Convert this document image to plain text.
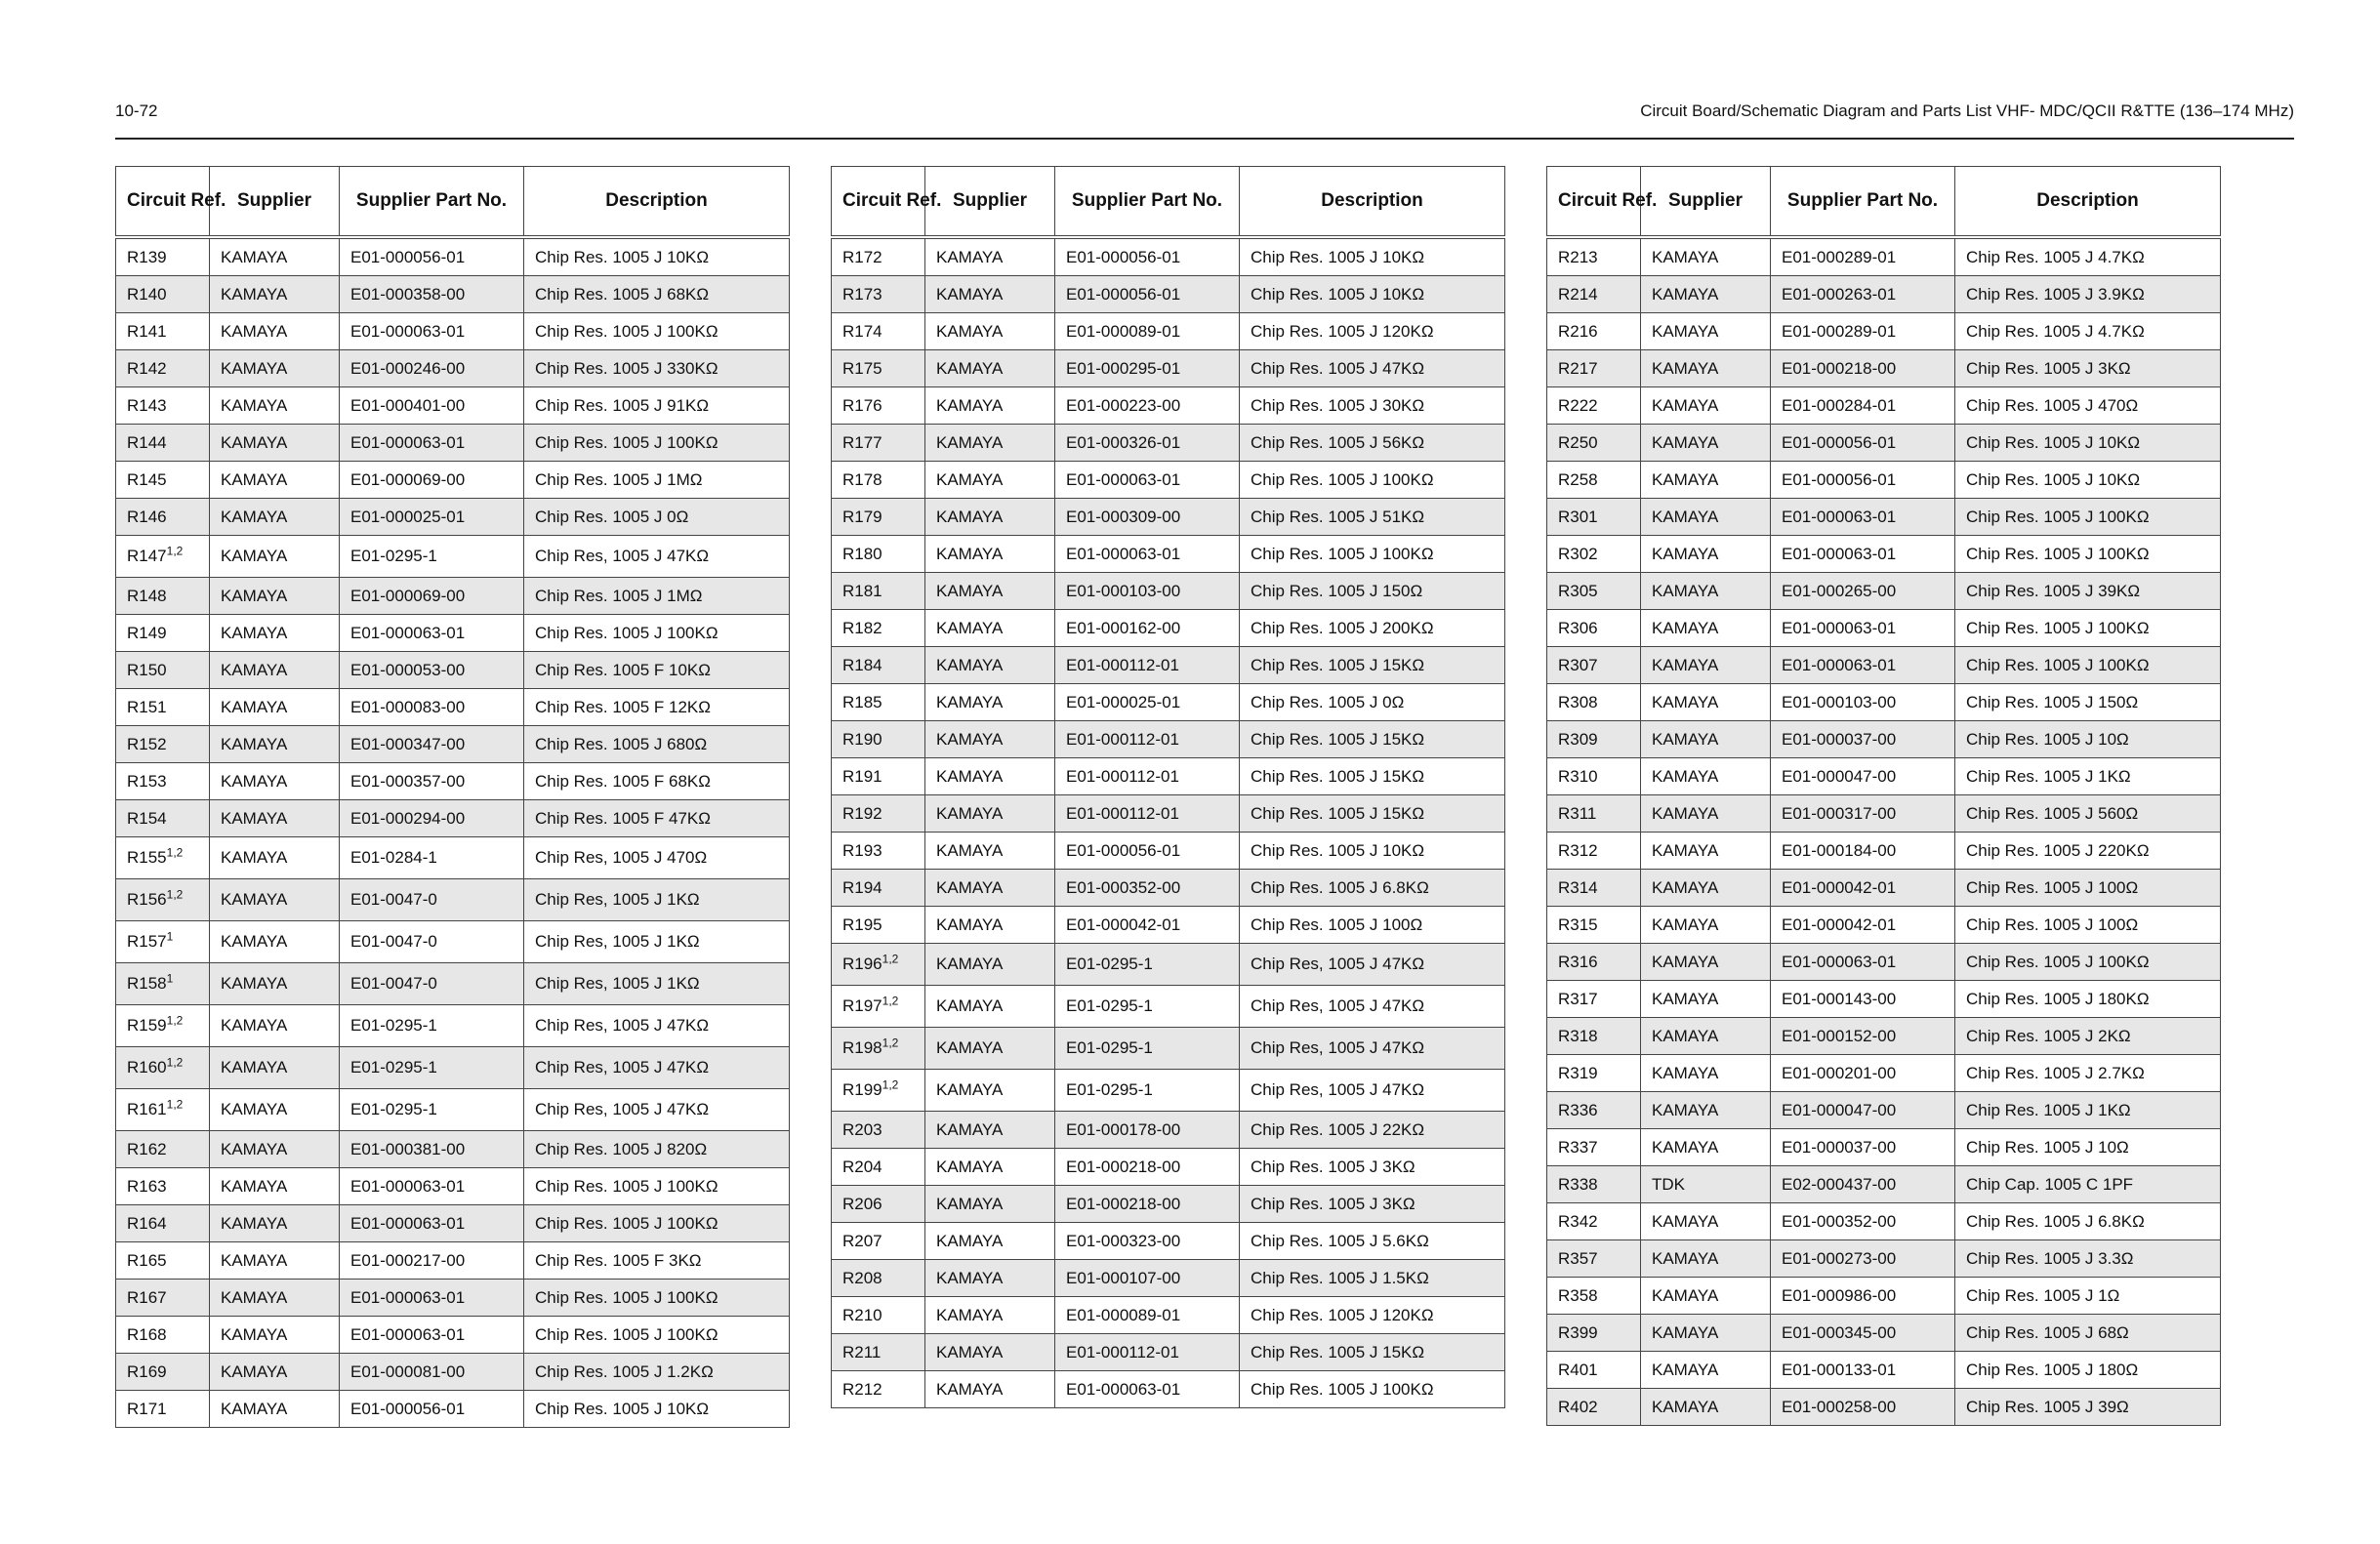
10-72	Circuit Board/Schematic Diagram and Parts List VHF- MDC/QCII R&TTE (136–174 MHz)
Circuit Ref.	Supplier	Supplier Part No.	Description
R139	KAMAYA	E01-000056-01	Chip Res. 1005 J 10KΩ
R140	KAMAYA	E01-000358-00	Chip Res. 1005 J 68KΩ
R141	KAMAYA	E01-000063-01	Chip Res. 1005 J 100KΩ
R142	KAMAYA	E01-000246-00	Chip Res. 1005 J 330KΩ
R143	KAMAYA	E01-000401-00	Chip Res. 1005 J 91KΩ
R144	KAMAYA	E01-000063-01	Chip Res. 1005 J 100KΩ
R145	KAMAYA	E01-000069-00	Chip Res. 1005 J 1MΩ
R146	KAMAYA	E01-000025-01	Chip Res. 1005 J 0Ω
R147$^{1,2}$	KAMAYA	E01-0295-1	Chip Res, 1005 J 47KΩ
R148	KAMAYA	E01-000069-00	Chip Res. 1005 J 1MΩ
R149	KAMAYA	E01-000063-01	Chip Res. 1005 J 100KΩ
R150	KAMAYA	E01-000053-00	Chip Res. 1005 F 10KΩ
R151	KAMAYA	E01-000083-00	Chip Res. 1005 F 12KΩ
R152	KAMAYA	E01-000347-00	Chip Res. 1005 J 680Ω
R153	KAMAYA	E01-000357-00	Chip Res. 1005 F 68KΩ
R154	KAMAYA	E01-000294-00	Chip Res. 1005 F 47KΩ
R155$^{1,2}$	KAMAYA	E01-0284-1	Chip Res, 1005 J 470Ω
R156$^{1,2}$	KAMAYA	E01-0047-0	Chip Res, 1005 J 1KΩ
$R157^1$	KAMAYA	E01-0047-0	Chip Res, 1005 J 1KΩ
$R158^1$	KAMAYA	E01-0047-0	Chip Res, 1005 J 1KΩ
R159$^{1,2}$	KAMAYA	E01-0295-1	Chip Res, 1005 J 47KΩ
R160$^{1,2}$	KAMAYA	E01-0295-1	Chip Res, 1005 J 47KΩ
R161$^{1,2}$	KAMAYA	E01-0295-1	Chip Res, 1005 J 47KΩ
R162	KAMAYA	E01-000381-00	Chip Res. 1005 J 820Ω
R163	KAMAYA	E01-000063-01	Chip Res. 1005 J 100KΩ
R164	KAMAYA	E01-000063-01	Chip Res. 1005 J 100KΩ
R165	KAMAYA	E01-000217-00	Chip Res. 1005 F 3KΩ
R167	KAMAYA	E01-000063-01	Chip Res. 1005 J 100KΩ
R168	KAMAYA	E01-000063-01	Chip Res. 1005 J 100KΩ
R169	KAMAYA	E01-000081-00	Chip Res. 1005 J 1.2KΩ
R171	KAMAYA	E01-000056-01	Chip Res. 1005 J 10KΩ
Circuit Ref.	Supplier	Supplier Part No.	Description
R172	KAMAYA	E01-000056-01	Chip Res. 1005 J 10KΩ
R173	KAMAYA	E01-000056-01	Chip Res. 1005 J 10KΩ
R174	KAMAYA	E01-000089-01	Chip Res. 1005 J 120KΩ
R175	KAMAYA	E01-000295-01	Chip Res. 1005 J 47KΩ
R176	KAMAYA	E01-000223-00	Chip Res. 1005 J 30KΩ
R177	KAMAYA	E01-000326-01	Chip Res. 1005 J 56KΩ
R178	KAMAYA	E01-000063-01	Chip Res. 1005 J 100KΩ
R179	KAMAYA	E01-000309-00	Chip Res. 1005 J 51KΩ
R180	KAMAYA	E01-000063-01	Chip Res. 1005 J 100KΩ
R181	KAMAYA	E01-000103-00	Chip Res. 1005 J 150Ω
R182	KAMAYA	E01-000162-00	Chip Res. 1005 J 200KΩ
R184	KAMAYA	E01-000112-01	Chip Res. 1005 J 15KΩ
R185	KAMAYA	E01-000025-01	Chip Res. 1005 J 0Ω
R190	KAMAYA	E01-000112-01	Chip Res. 1005 J 15KΩ
R191	KAMAYA	E01-000112-01	Chip Res. 1005 J 15KΩ
R192	KAMAYA	E01-000112-01	Chip Res. 1005 J 15KΩ
R193	KAMAYA	E01-000056-01	Chip Res. 1005 J 10KΩ
R194	KAMAYA	E01-000352-00	Chip Res. 1005 J 6.8KΩ
R195	KAMAYA	E01-000042-01	Chip Res. 1005 J 100Ω
R196$^{1,2}$	KAMAYA	E01-0295-1	Chip Res, 1005 J 47KΩ
R197$^{1,2}$	KAMAYA	E01-0295-1	Chip Res, 1005 J 47KΩ
R198$^{1,2}$	KAMAYA	E01-0295-1	Chip Res, 1005 J 47KΩ
R199$^{1,2}$	KAMAYA	E01-0295-1	Chip Res, 1005 J 47KΩ
R203	KAMAYA	E01-000178-00	Chip Res. 1005 J 22KΩ
R204	KAMAYA	E01-000218-00	Chip Res. 1005 J 3KΩ
R206	KAMAYA	E01-000218-00	Chip Res. 1005 J 3KΩ
R207	KAMAYA	E01-000323-00	Chip Res. 1005 J 5.6KΩ
R208	KAMAYA	E01-000107-00	Chip Res. 1005 J 1.5KΩ
R210	KAMAYA	E01-000089-01	Chip Res. 1005 J 120KΩ
R211	KAMAYA	E01-000112-01	Chip Res. 1005 J 15KΩ
R212	KAMAYA	E01-000063-01	Chip Res. 1005 J 100KΩ
Circuit Ref.	Supplier	Supplier Part No.	Description
R213	KAMAYA	E01-000289-01	Chip Res. 1005 J 4.7KΩ
R214	KAMAYA	E01-000263-01	Chip Res. 1005 J 3.9KΩ
R216	KAMAYA	E01-000289-01	Chip Res. 1005 J 4.7KΩ
R217	KAMAYA	E01-000218-00	Chip Res. 1005 J 3KΩ
R222	KAMAYA	E01-000284-01	Chip Res. 1005 J 470Ω
R250	KAMAYA	E01-000056-01	Chip Res. 1005 J 10KΩ
R258	KAMAYA	E01-000056-01	Chip Res. 1005 J 10KΩ
R301	KAMAYA	E01-000063-01	Chip Res. 1005 J 100KΩ
R302	KAMAYA	E01-000063-01	Chip Res. 1005 J 100KΩ
R305	KAMAYA	E01-000265-00	Chip Res. 1005 J 39KΩ
R306	KAMAYA	E01-000063-01	Chip Res. 1005 J 100KΩ
R307	KAMAYA	E01-000063-01	Chip Res. 1005 J 100KΩ
R308	KAMAYA	E01-000103-00	Chip Res. 1005 J 150Ω
R309	KAMAYA	E01-000037-00	Chip Res. 1005 J 10Ω
R310	KAMAYA	E01-000047-00	Chip Res. 1005 J 1KΩ
R311	KAMAYA	E01-000317-00	Chip Res. 1005 J 560Ω
R312	KAMAYA	E01-000184-00	Chip Res. 1005 J 220KΩ
R314	KAMAYA	E01-000042-01	Chip Res. 1005 J 100Ω
R315	KAMAYA	E01-000042-01	Chip Res. 1005 J 100Ω
R316	KAMAYA	E01-000063-01	Chip Res. 1005 J 100KΩ
R317	KAMAYA	E01-000143-00	Chip Res. 1005 J 180KΩ
R318	KAMAYA	E01-000152-00	Chip Res. 1005 J 2KΩ
R319	KAMAYA	E01-000201-00	Chip Res. 1005 J 2.7KΩ
R336	KAMAYA	E01-000047-00	Chip Res. 1005 J 1KΩ
R337	KAMAYA	E01-000037-00	Chip Res. 1005 J 10Ω
R338	TDK	E02-000437-00	Chip Cap. 1005 C 1PF
R342	KAMAYA	E01-000352-00	Chip Res. 1005 J 6.8KΩ
R357	KAMAYA	E01-000273-00	Chip Res. 1005 J 3.3Ω
R358	KAMAYA	E01-000986-00	Chip Res. 1005 J 1Ω
R399	KAMAYA	E01-000345-00	Chip Res. 1005 J 68Ω
R401	KAMAYA	E01-000133-01	Chip Res. 1005 J 180Ω
R402	KAMAYA	E01-000258-00	Chip Res. 1005 J 39Ω
